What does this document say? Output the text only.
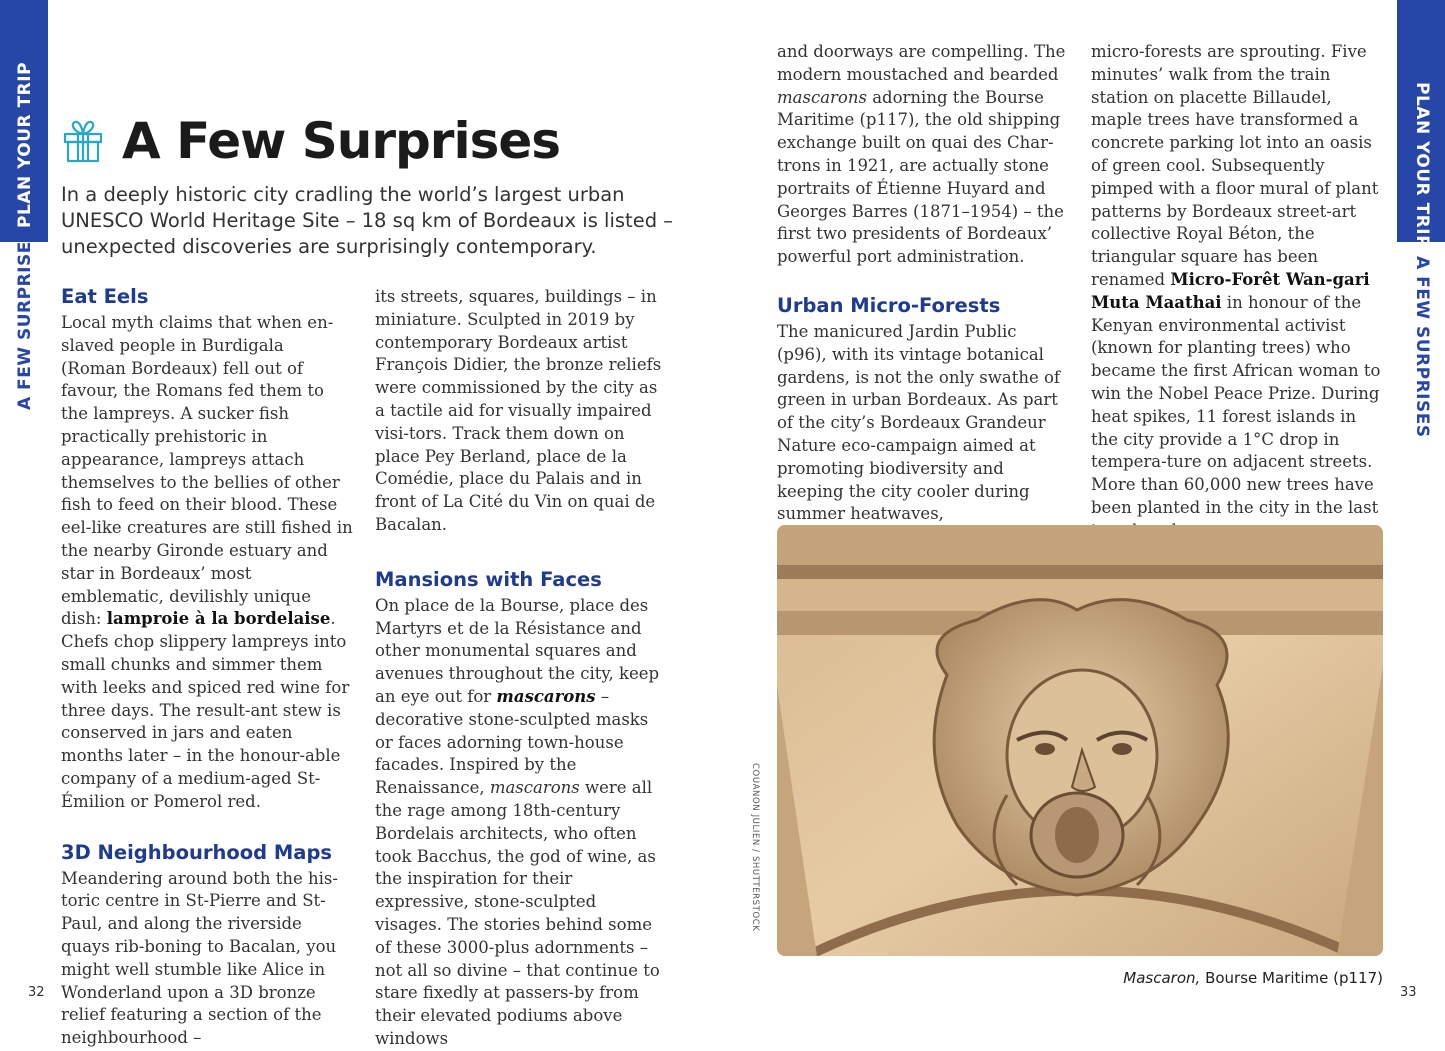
PLAN YOUR TRIP
A FEW SURPRISES
PLAN YOUR TRIP
A FEW SURPRISES
A Few Surprises
In a deeply historic city cradling the world’s largest urban UNESCO World Heritage Site – 18 sq km of Bordeaux is listed – unexpected discoveries are surprisingly contemporary.
Eat Eels

Local myth claims that when en-slaved people in Burdigala (Roman Bordeaux) fell out of favour, the Romans fed them to the lampreys. A sucker fish practically prehistoric in appearance, lampreys attach themselves to the bellies of other fish to feed on their blood. These eel-like creatures are still fished in the nearby Gironde estuary and star in Bordeaux’ most emblematic, devilishly unique dish: lamproie à la bordelaise. Chefs chop slippery lampreys into small chunks and simmer them with leeks and spiced red wine for three days. The result-ant stew is conserved in jars and eaten months later – in the honour-able company of a medium-aged St-Émilion or Pomerol red.

3D Neighbourhood Maps

Meandering around both the his-toric centre in St-Pierre and St-Paul, and along the riverside quays rib-boning to Bacalan, you might well stumble like Alice in Wonderland upon a 3D bronze relief featuring a section of the neighbourhood –

its streets, squares, buildings – in miniature. Sculpted in 2019 by contemporary Bordeaux artist François Didier, the bronze reliefs were commissioned by the city as a tactile aid for visually impaired visi-tors. Track them down on place Pey Berland, place de la Comédie, place du Palais and in front of La Cité du Vin on quai de Bacalan.

Mansions with Faces

On place de la Bourse, place des Martyrs et de la Résistance and other monumental squares and avenues throughout the city, keep an eye out for mascarons – decorative stone-sculpted masks or faces adorning town-house facades. Inspired by the Renaissance, mascarons were all the rage among 18th-century Bordelais architects, who often took Bacchus, the god of wine, as the inspiration for their expressive, stone-sculpted visages. The stories behind some of these 3000-plus adornments – not all so divine – that continue to stare fixedly at passers-by from their elevated podiums above windows

and doorways are compelling. The modern moustached and bearded mascarons adorning the Bourse Maritime (p117), the old shipping exchange built on quai des Char-trons in 1921, are actually stone portraits of Étienne Huyard and Georges Barres (1871–1954) – the first two presidents of Bordeaux’ powerful port administration.

Urban Micro-Forests

The manicured Jardin Public (p96), with its vintage botanical gardens, is not the only swathe of green in urban Bordeaux. As part of the city’s Bordeaux Grandeur Nature eco-campaign aimed at promoting biodiversity and keeping the city cooler during summer heatwaves,

micro-forests are sprouting. Five minutes’ walk from the train station on placette Billaudel, maple trees have transformed a concrete parking lot into an oasis of green cool. Subsequently pimped with a floor mural of plant patterns by Bordeaux street-art collective Royal Béton, the triangular square has been renamed Micro-Forêt Wan-gari Muta Maathai in honour of the Kenyan environmental activist (known for planting trees) who became the first African woman to win the Nobel Peace Prize. During heat spikes, 11 forest islands in the city provide a 1°C drop in tempera-ture on adjacent streets. More than 60,000 new trees have been planted in the city in the last

COUANON JULIEN / SHUTTERSTOCK
Mascaron, Bourse Maritime (p117)
32	33
